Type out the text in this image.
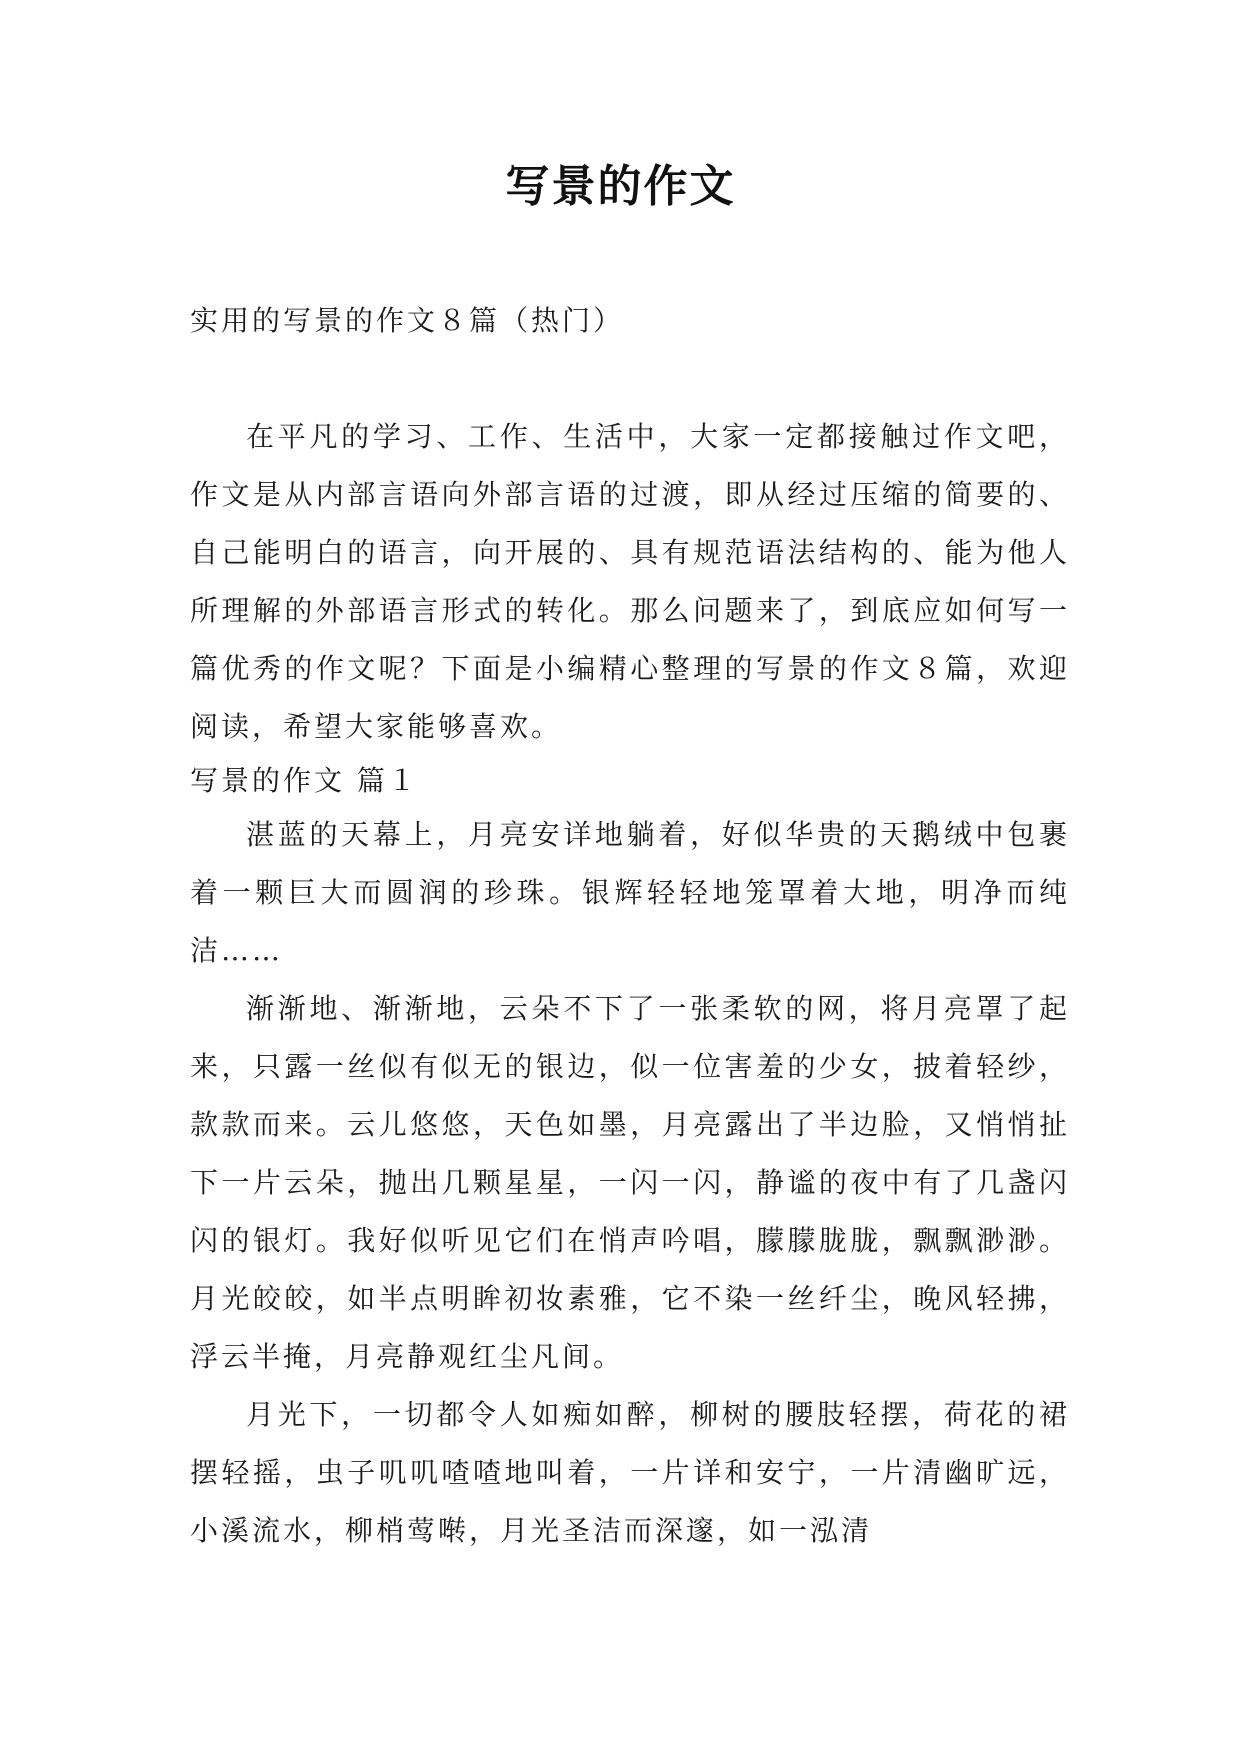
写景的作文

实用的写景的作文８篇（热门）

在平凡的学习、工作、生活中，大家一定都接触过作文吧，作文是从内部言语向外部言语的过渡，即从经过压缩的简要的、自己能明白的语言，向开展的、具有规范语法结构的、能为他人所理解的外部语言形式的转化。那么问题来了，到底应如何写一篇优秀的作文呢？下面是小编精心整理的写景的作文８篇，欢迎阅读，希望大家能够喜欢。

写景的作文 篇１

湛蓝的天幕上，月亮安详地躺着，好似华贵的天鹅绒中包裹着一颗巨大而圆润的珍珠。银辉轻轻地笼罩着大地，明净而纯洁……

渐渐地、渐渐地，云朵不下了一张柔软的网，将月亮罩了起来，只露一丝似有似无的银边，似一位害羞的少女，披着轻纱，款款而来。云儿悠悠，天色如墨，月亮露出了半边脸，又悄悄扯下一片云朵，抛出几颗星星，一闪一闪，静谧的夜中有了几盏闪闪的银灯。我好似听见它们在悄声吟唱，朦朦胧胧，飘飘渺渺。月光皎皎，如半点明眸初妆素雅，它不染一丝纤尘，晚风轻拂，浮云半掩，月亮静观红尘凡间。

月光下，一切都令人如痴如醉，柳树的腰肢轻摆，荷花的裙摆轻摇，虫子叽叽喳喳地叫着，一片详和安宁，一片清幽旷远，小溪流水，柳梢莺啭，月光圣洁而深邃，如一泓清
